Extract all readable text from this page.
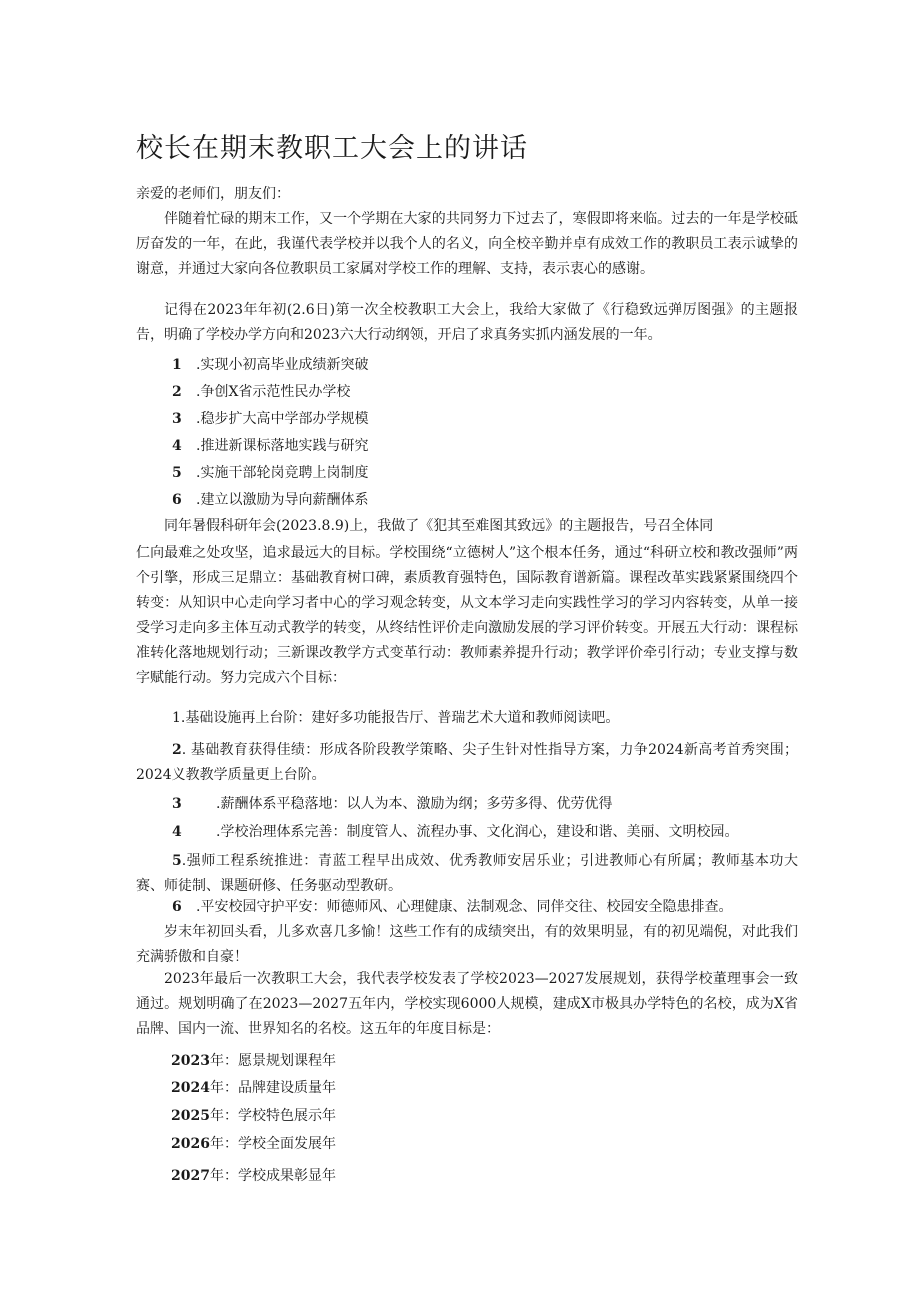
校长在期末教职工大会上的讲话

亲爱的老师们，朋友们：

伴随着忙碌的期末工作，又一个学期在大家的共同努力下过去了，寒假即将来临。过去的一年是学校砥厉奋发的一年，在此，我谨代表学校并以我个人的名义，向全校辛勤并卓有成效工作的教职员工表示诚挚的谢意，并通过大家向各位教职员工家属对学校工作的理解、支持，表示衷心的感谢。

记得在2023年年初(2.6日)第一次全校教职工大会上，我给大家做了《行稳致远弹厉图强》的主题报告，明确了学校办学方向和2023六大行动纲领，开启了求真务实抓内涵发展的一年。

1 .实现小初高毕业成绩新突破
2 .争创X省示范性民办学校
3 .稳步扩大高中学部办学规模
4 .推进新课标落地实践与研究
5 .实施干部轮岗竞聘上岗制度
6 .建立以激励为导向薪酬体系

同年暑假科研年会(2023.8.9)上，我做了《犯其至难图其致远》的主题报告，号召全体同

仁向最难之处攻坚，追求最远大的目标。学校围绕“立德树人”这个根本任务，通过“科研立校和教改强师”两个引擎，形成三足鼎立：基础教育树口碑，素质教育强特色，国际教育谱新篇。课程改革实践紧紧围绕四个转变：从知识中心走向学习者中心的学习观念转变，从文本学习走向实践性学习的学习内容转变，从单一接受学习走向多主体互动式教学的转变，从终结性评价走向激励发展的学习评价转变。开展五大行动：课程标准转化落地规划行动；三新课改教学方式变革行动：教师素养提升行动；教学评价牵引行动；专业支撑与数字赋能行动。努力完成六个目标：

1.基础设施再上台阶：建好多功能报告厅、普瑞艺术大道和教师阅读吧。

2. 基础教育获得佳绩：形成各阶段教学策略、尖子生针对性指导方案，力争2024新高考首秀突围；2024义教教学质量更上台阶。

3 .薪酬体系平稳落地：以人为本、激励为纲；多劳多得、优劳优得
4 .学校治理体系完善：制度管人、流程办事、文化润心，建设和谐、美丽、文明校园。

5.强师工程系统推进：青蓝工程早出成效、优秀教师安居乐业；引进教师心有所属；教师基本功大赛、师徒制、课题研修、任务驱动型教研。

6 .平安校园守护平安：师德师风、心理健康、法制观念、同伴交往、校园安全隐患排查。

岁末年初回头看，儿多欢喜几多愉！这些工作有的成绩突出，有的效果明显，有的初见端倪，对此我们充满骄傲和自豪！

2023年最后一次教职工大会，我代表学校发表了学校2023—2027发展规划，获得学校董理事会一致通过。规划明确了在2023—2027五年内，学校实现6000人规模，建成X市极具办学特色的名校，成为X省品牌、国内一流、世界知名的名校。这五年的年度目标是：

2023年：愿景规划课程年
2024年：品牌建设质量年
2025年：学校特色展示年
2026年：学校全面发展年
2027年：学校成果彰显年
